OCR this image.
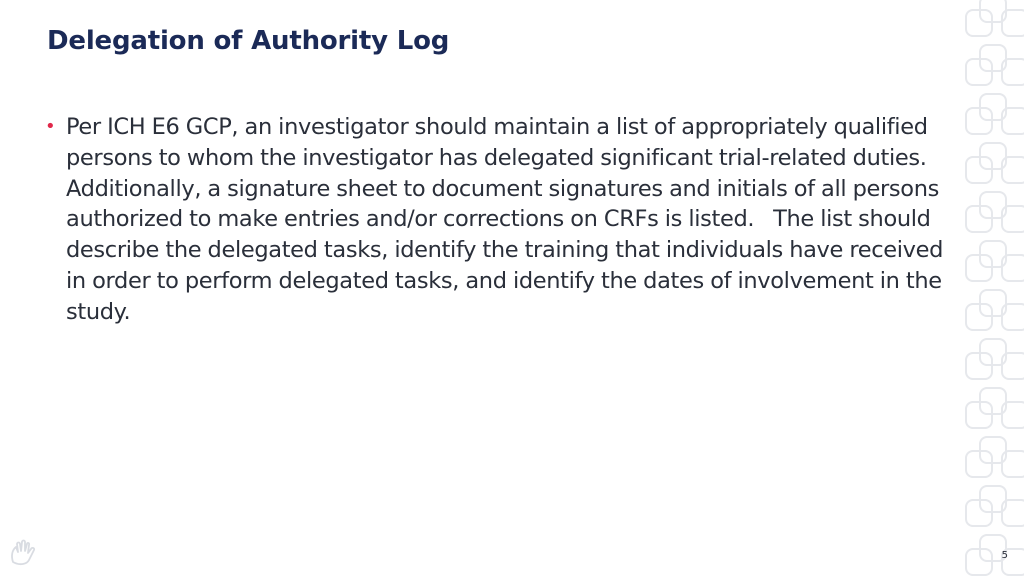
Delegation of Authority Log
• Per ICH E6 GCP, an investigator should maintain a list of appropriately qualified persons to whom the investigator has delegated significant trial-related duties.  Additionally, a signature sheet to document signatures and initials of all persons authorized to make entries and/or corrections on CRFs is listed.   The list should describe the delegated tasks, identify the training that individuals have received in order to perform delegated tasks, and identify the dates of involvement in the study.
5
